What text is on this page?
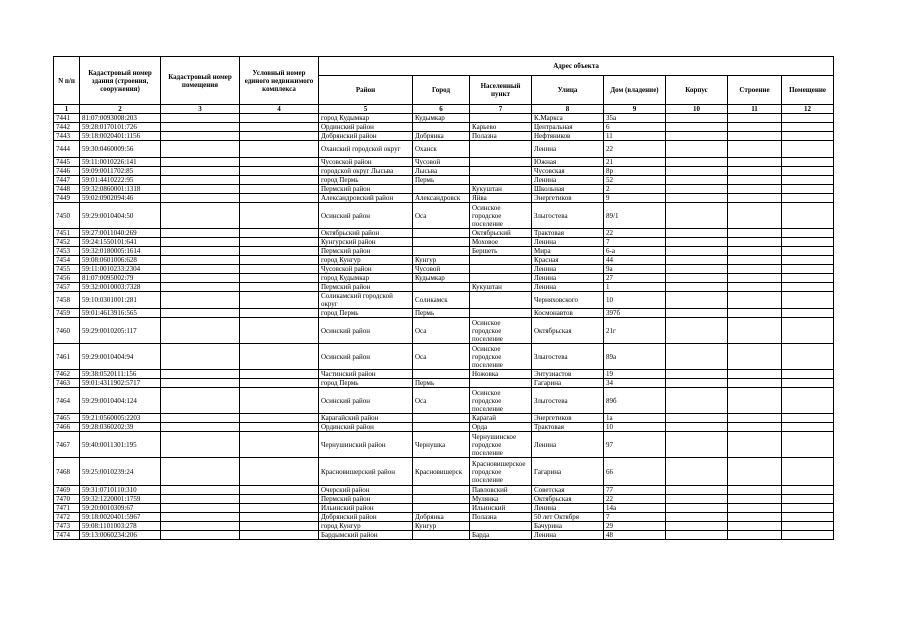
N п/п	Кадастровый номер здания (строения, сооружения)	Кадастровый номер помещения	Условный номер единого недвижимого комплекса	Адрес объекта							
				Район	Город	Населенный пункт	Улица	Дом (владение)	Корпус	Строение	Помещение
1	2	3	4	5	6	7	8	9	10	11	12
7441	81:07:0093008:203			город Кудымкар	Кудымкар		К.Маркса	35а			
7442	59:28:0170101:726			Ординский район		Карьево	Центральная	6			
7443	59:18:0020401:1156			Добрянский район	Добрянка	Полазна	Нефтяников	11			
7444	59:30:0460009:56			Оханский городской округ	Оханск		Ленина	22			
7445	59:11:0010226:141			Чусовской район	Чусовой		Южная	21			
7446	59:09:0011702:85			городской округ Лысьва	Лысьва		Чусовская	8р			
7447	59:01:4410222:95			город Пермь	Пермь		Ленина	52			
7448	59:32:0860001:1318			Пермский район		Кукуштан	Школьная	2			
7449	59:02:0902094:46			Александровский район	Александровск	Яйва	Энергетиков	9			
7450	59:29:0010404:50			Осинский район	Оса	Осинское городское поселение	Злыгостева	89/1			
7451	59:27:0011040:269			Октябрьский район		Октябрьский	Трактовая	22			
7452	59:24:1550101:641			Кунгурский район		Моховое	Ленина	7			
7453	59:32:0180005:1614			Пермский район		Бершеть	Мира	6-а			
7454	59:08:0601006:628			город Кунгур	Кунгур		Красная	44			
7455	59:11:0010233:2304			Чусовской район	Чусовой		Ленина	9а			
7456	81:07:0095002:79			город Кудымкар	Кудымкар		Ленина	27			
7457	59:32:0010003:7328			Пермский район		Кукуштан	Ленина	1			
7458	59:10:0301001:281			Соликамский городской округ	Соликамск		Черняховского	10			
7459	59:01:4613916:565			город Пермь	Пермь		Космонавтов	397б			
7460	59:29:0010205:117			Осинский район	Оса	Осинское городское поселение	Октябрьская	21г			
7461	59:29:0010404:94			Осинский район	Оса	Осинское городское поселение	Злыгостева	89а			
7462	59:38:0520111:156			Частинский район		Ножовка	Энтузиастов	19			
7463	59:01:4311902:5717			город Пермь	Пермь		Гагарина	34			
7464	59:29:0010404:124			Осинский район	Оса	Осинское городское поселение	Злыгостева	89б			
7465	59:21:0560005:2203			Карагайский район		Карагай	Энергетиков	1а			
7466	59:28:0360202:39			Ординский район		Орда	Трактовая	10			
7467	59:40:0011301:195			Чернушинский район	Чернушка	Чернушинское городское поселение	Ленина	97			
7468	59:25:0010239:24			Красновишерский район	Красновишерск	Красновишерское городское поселение	Гагарина	66			
7469	59:31:0710110:310			Очерский район		Павловский	Советская	77			
7470	59:32:1220001:1759			Пермский район		Мулянка	Октябрьская	22			
7471	59:20:0010309:67			Ильинский район		Ильинский	Ленина	14а			
7472	59:18:0020401:5967			Добрянский район	Добрянка	Полазна	50 лет Октября	7			
7473	59:08:1101003:278			город Кунгур	Кунгур		Бачурина	29			
7474	59:13:0060234:206			Бардымский район		Барда	Ленина	48			
